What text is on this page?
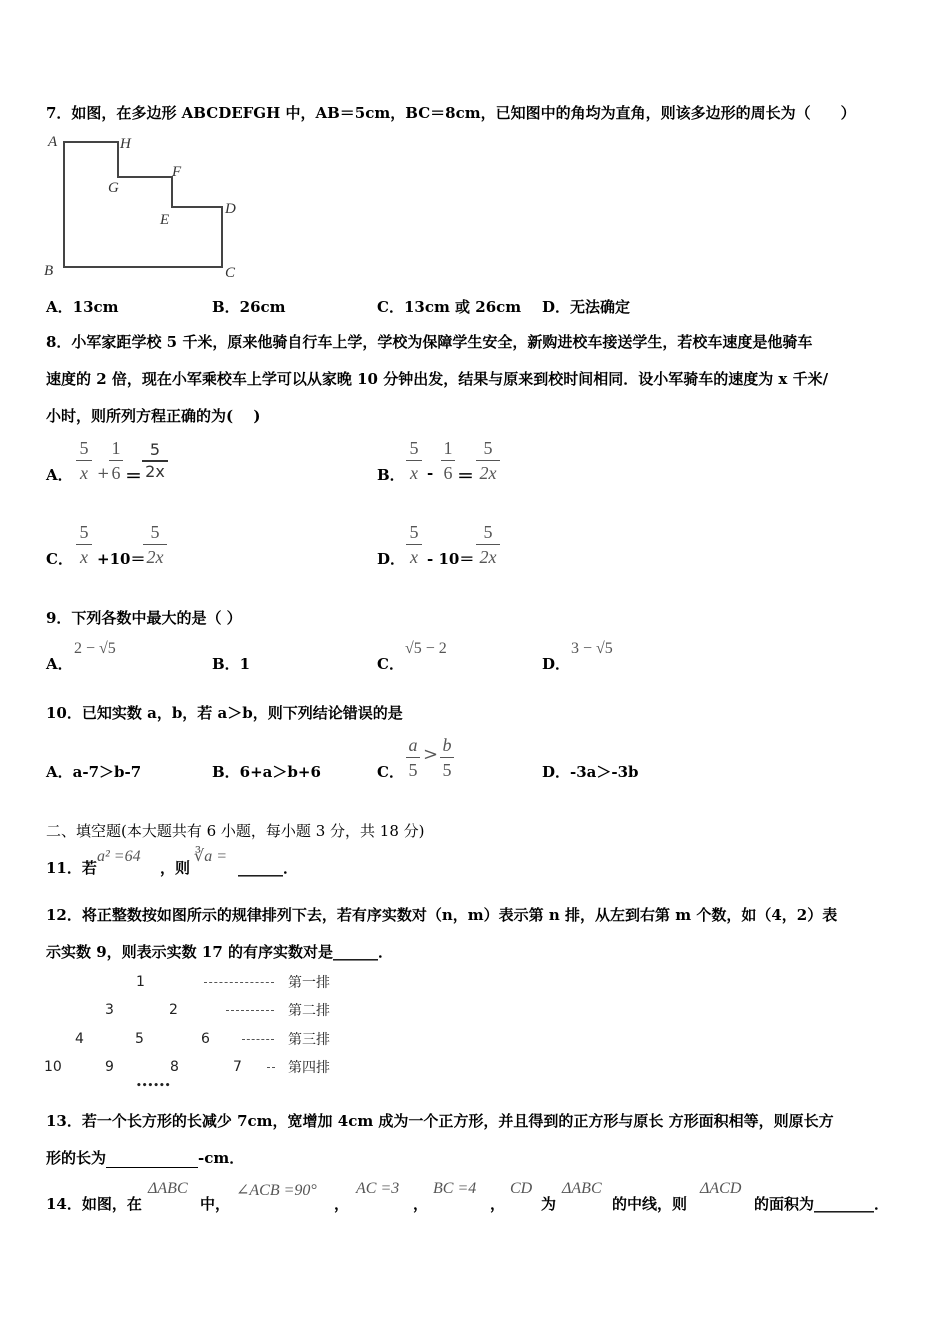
7．如图，在多边形 ABCDEFGH 中，AB＝5cm，BC＝8cm，已知图中的角均为直角，则该多边形的周长为（　　）
A	H
G
F
E
D
B	C
A．13cm	B．26cm	C．13cm 或 26cm D．无法确定
8．小军家距学校 5 千米，原来他骑自行车上学，学校为保障学生安全，新购进校车接送学生，若校车速度是他骑车
速度的 2 倍，现在小军乘校车上学可以从家晚 10 分钟出发，结果与原来到校时间相同．设小军骑车的速度为 x 千米/
小时，则所列方程正确的为(　 )
A．
5
x +
1
6 ＝
5
2x	B．
5
x -
1
6 ＝
5
2x
C．
5
x +10＝
5
2x	D．
5
x - 10＝
5
2x
9．下列各数中最大的是（ ）
A．
2 − √5
B．1	C．
√5 − 2
D．
3 − √5
10．已知实数 a，b，若 a＞b，则下列结论错误的是
A．a-7＞b-7	B．6+a＞b+6	C．
a
5
> b
5	D．-3a＞-3b
二、填空题(本大题共有 6 小题，每小题 3 分，共 18 分)
11．若
a² =64
，则
∛a =
______．
12．将正整数按如图所示的规律排列下去，若有序实数对（n，m）表示第 n 排，从左到右第 m 个数，如（4，2）表
示实数 9，则表示实数 17 的有序实数对是______．
1	第一排
3	2	第二排
4	5	6	第三排
10	9	8	7	第四排
••••••
13．若一个长方形的长减少 7cm，宽增加 4cm 成为一个正方形，并且得到的正方形与原长 方形面积相等，则原长方
形的长为	-cm．
14．如图，在
ΔABC
中，
∠ACB =90°
，
AC =3
，
BC =4
，
CD
为
ΔABC
的中线，则
ΔACD
的面积为________．
